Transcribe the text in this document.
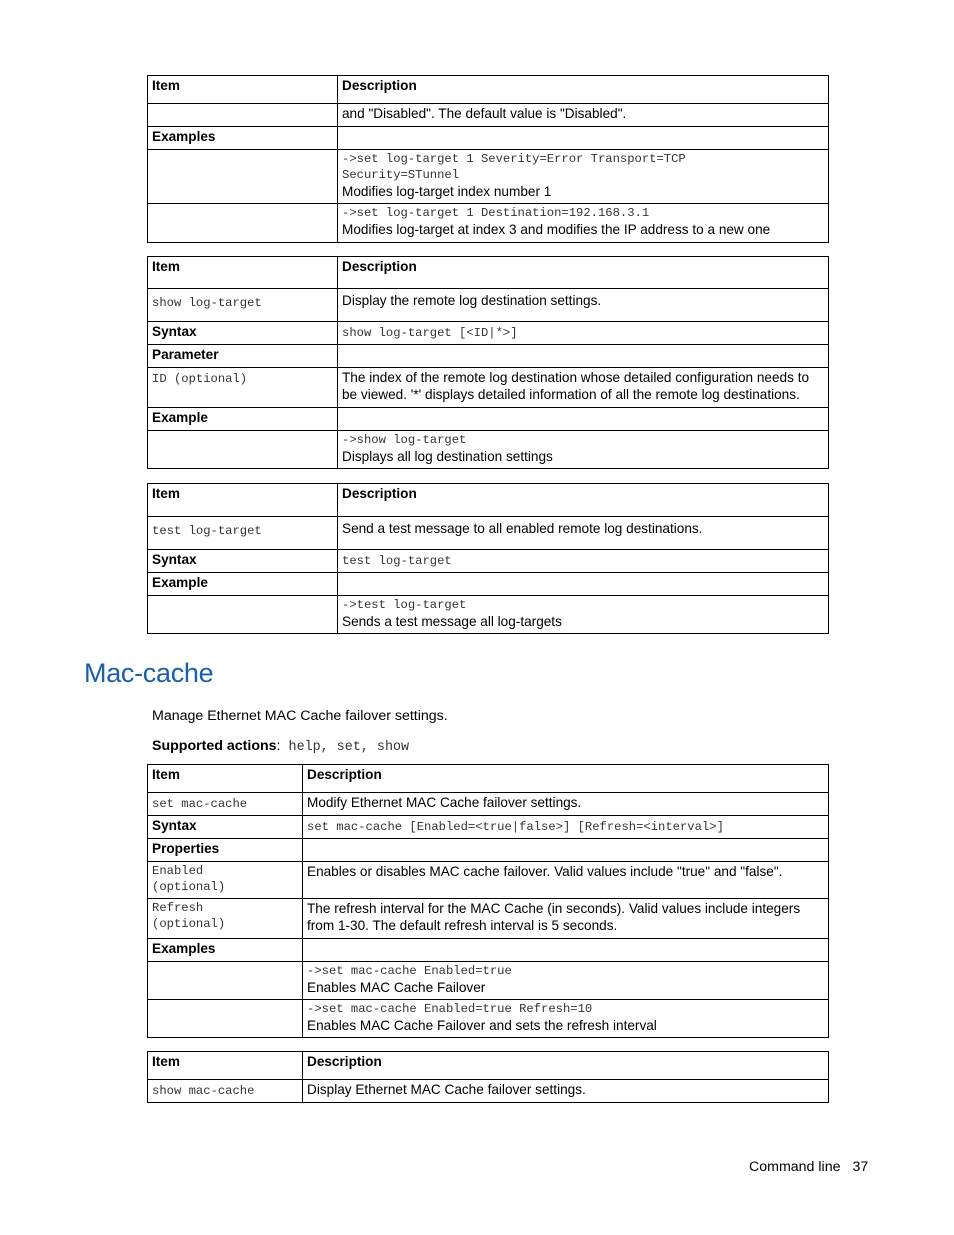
Item	Description
	and "Disabled". The default value is "Disabled".
Examples	

	->set log-target 1 Severity=Error Transport=TCP
Security=STunnel
Modifies log-target index number 1

	->set log-target 1 Destination=192.168.3.1
Modifies log-target at index 3 and modifies the IP address to a new one
Item	Description
show log-target	Display the remote log destination settings.
Syntax	show log-target [<ID|*>]
Parameter	
ID (optional)	The index of the remote log destination whose detailed configuration needs to be viewed. '*' displays detailed information of all the remote log destinations.
Example	

	->show log-target
Displays all log destination settings
Item	Description
test log-target	Send a test message to all enabled remote log destinations.
Syntax	test log-target
Example	

	->test log-target
Sends a test message all log-targets
Mac-cache

Manage Ethernet MAC Cache failover settings.

Supported actions: help, set, show

Item	Description
set mac-cache	Modify Ethernet MAC Cache failover settings.
Syntax	set mac-cache [Enabled=<true|false>] [Refresh=<interval>]
Properties	

Enabled
(optional)	Enables or disables MAC cache failover. Valid values include "true" and "false".

Refresh
(optional)	The refresh interval for the MAC Cache (in seconds). Valid values include integers from 1-30. The default refresh interval is 5 seconds.
Examples	

	->set mac-cache Enabled=true
Enables MAC Cache Failover

	->set mac-cache Enabled=true Refresh=10
Enables MAC Cache Failover and sets the refresh interval
Item	Description
show mac-cache	Display Ethernet MAC Cache failover settings.
Command line 37
